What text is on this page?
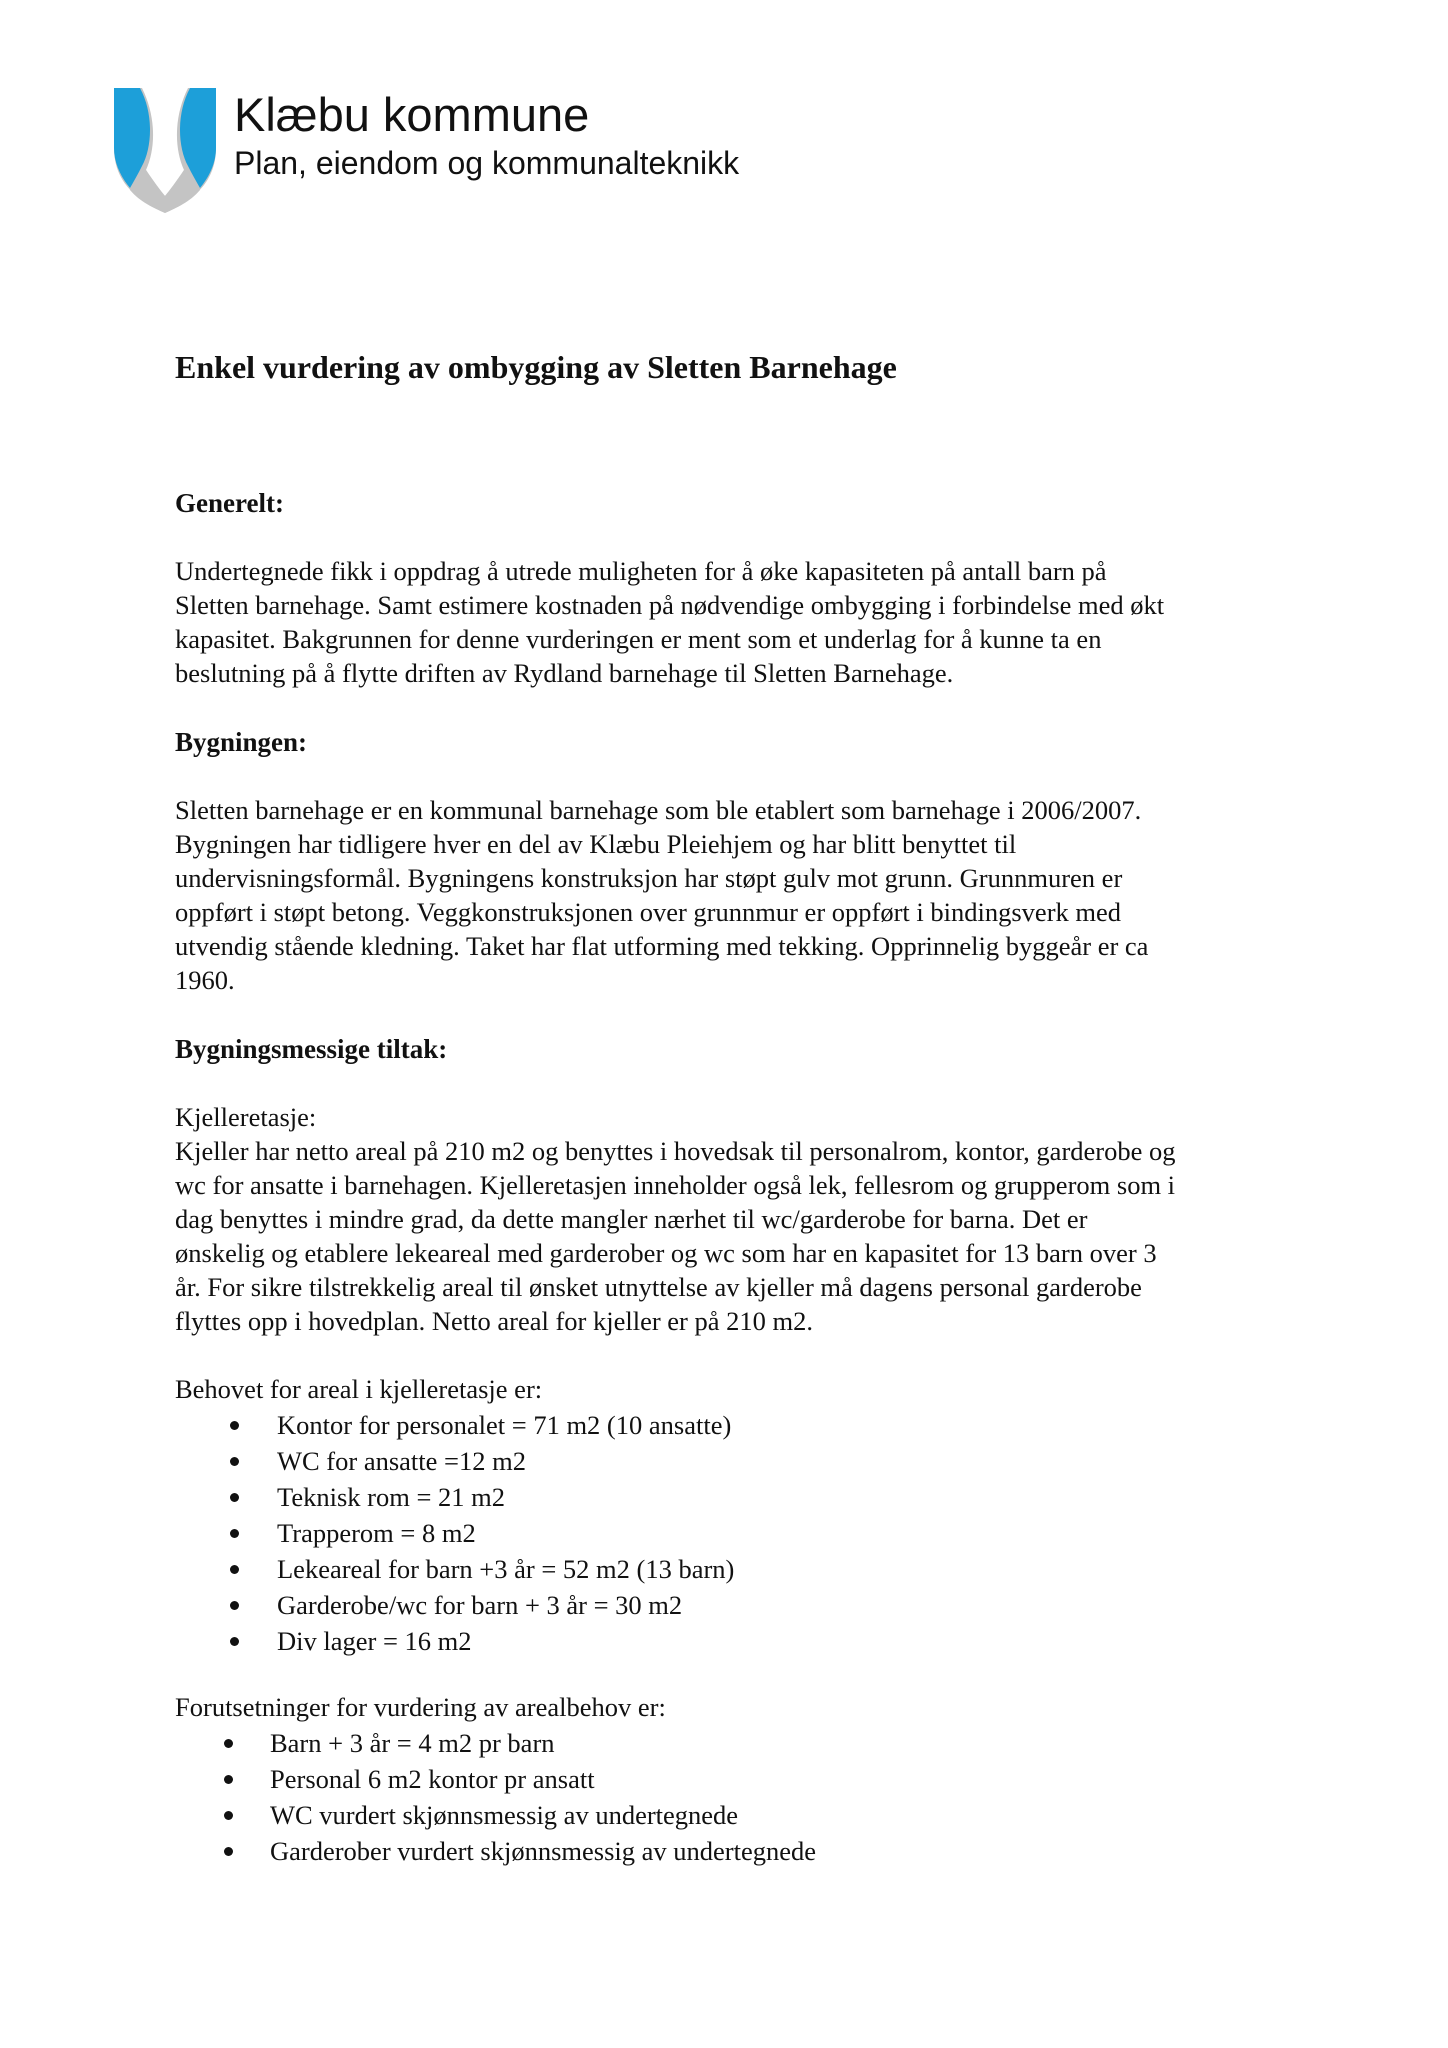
Klæbu kommune
Plan, eiendom og kommunalteknikk
Enkel vurdering av ombygging av Sletten Barnehage
Generelt:
Undertegnede fikk i oppdrag å utrede muligheten for å øke kapasiteten på antall barn på
Sletten barnehage. Samt estimere kostnaden på nødvendige ombygging i forbindelse med økt
kapasitet. Bakgrunnen for denne vurderingen er ment som et underlag for å kunne ta en
beslutning på å flytte driften av Rydland barnehage til Sletten Barnehage.
Bygningen:
Sletten barnehage er en kommunal barnehage som ble etablert som barnehage i 2006/2007.
Bygningen har tidligere hver en del av Klæbu Pleiehjem og har blitt benyttet til
undervisningsformål. Bygningens konstruksjon har støpt gulv mot grunn. Grunnmuren er
oppført i støpt betong. Veggkonstruksjonen over grunnmur er oppført i bindingsverk med
utvendig stående kledning. Taket har flat utforming med tekking. Opprinnelig byggeår er ca
1960.
Bygningsmessige tiltak:
Kjelleretasje:
Kjeller har netto areal på 210 m2 og benyttes i hovedsak til personalrom, kontor, garderobe og
wc for ansatte i barnehagen. Kjelleretasjen inneholder også lek, fellesrom og grupperom som i
dag benyttes i mindre grad, da dette mangler nærhet til wc/garderobe for barna. Det er
ønskelig og etablere lekeareal med garderober og wc som har en kapasitet for 13 barn over 3
år. For sikre tilstrekkelig areal til ønsket utnyttelse av kjeller må dagens personal garderobe
flyttes opp i hovedplan. Netto areal for kjeller er på 210 m2.
Behovet for areal i kjelleretasje er:
Kontor for personalet = 71 m2 (10 ansatte)
WC for ansatte =12 m2
Teknisk rom = 21 m2
Trapperom = 8 m2
Lekeareal for barn +3 år = 52 m2 (13 barn)
Garderobe/wc for barn + 3 år = 30 m2
Div lager = 16 m2
Forutsetninger for vurdering av arealbehov er:
Barn + 3 år = 4 m2 pr barn
Personal 6 m2 kontor pr ansatt
WC vurdert skjønnsmessig av undertegnede
Garderober vurdert skjønnsmessig av undertegnede
